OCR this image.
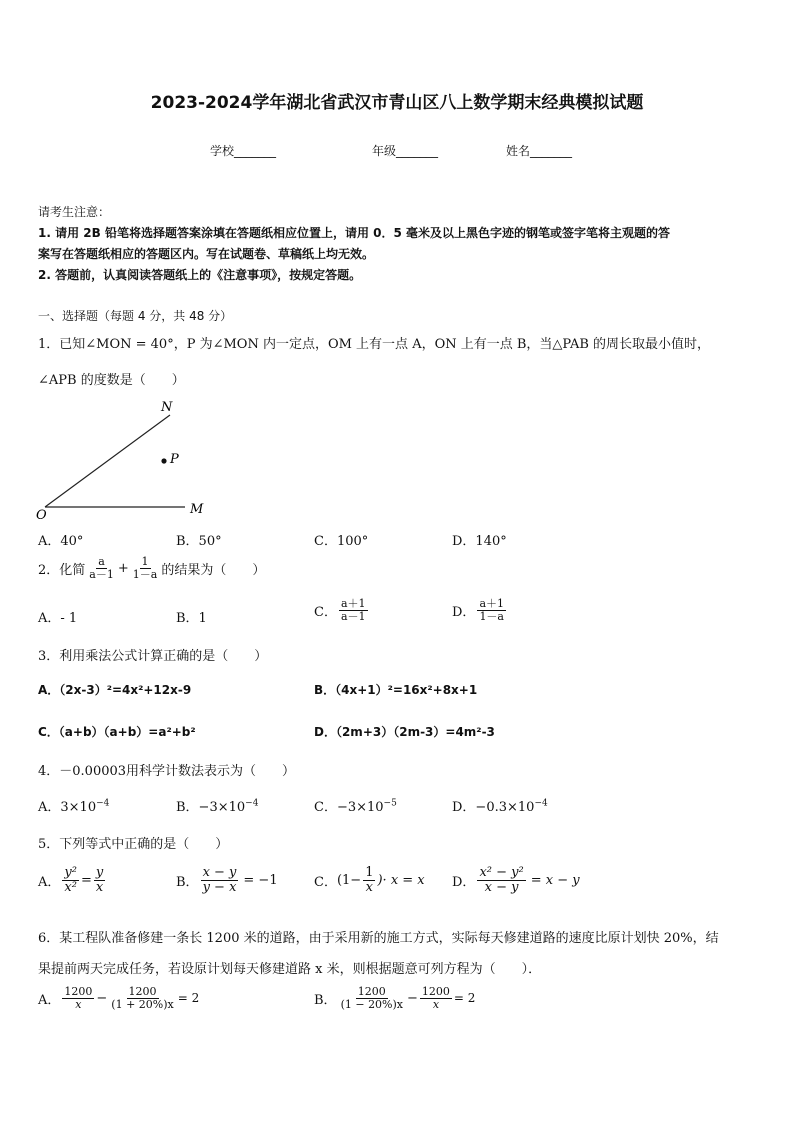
2023-2024学年湖北省武汉市青山区八上数学期末经典模拟试题
学校_______	年级_______	姓名_______
请考生注意：
1. 请用 2B 铅笔将选择题答案涂填在答题纸相应位置上，请用 0．5 毫米及以上黑色字迹的钢笔或签字笔将主观题的答
案写在答题纸相应的答题区内。写在试题卷、草稿纸上均无效。
2. 答题前，认真阅读答题纸上的《注意事项》，按规定答题。
一、选择题（每题 4 分，共 48 分）
1．已知∠MON = 40°，P 为∠MON 内一定点，OM 上有一点 A，ON 上有一点 B，当△PAB 的周长取最小值时，
∠APB 的度数是（　　）
N
P
O	M
A．40°	B．50°	C．100°	D．140°
2．化简 $\frac{a}{a-1} + \frac{1}{1-a}$ 的结果为（　　）
A．- 1	B．1	C． $\frac{a+1}{a-1}$	D． $\frac{a+1}{1-a}$
3．利用乘法公式计算正确的是（　　）
A．（2x-3）²=4x²+12x-9	B．（4x+1）²=16x²+8x+1
C．（a+b）（a+b）=a²+b²	D．（2m+3）（2m-3）=4m²-3
4．－0.00003用科学计数法表示为（　　）
A．$3\times 10^{-4}$	B．$-3\times 10^{-4}$	C．$-3\times 10^{-5}$	D．$-0.3\times 10^{-4}$
5．下列等式中正确的是（　　）
A． $\frac{\text{y²}}{\text{x²}} = \frac{y}{x}$	B． $\frac{x - y}{y - x} = -1$	C． ($1- \frac{1}{x}$ )· x = x D． $\frac{\text{x² − y²}}{x - y} = x - y$
6．某工程队准备修建一条长 1200 米的道路，由于采用新的施工方式，实际每天修建道路的速度比原计划快 20%，结
果提前两天完成任务，若设原计划每天修建道路 x 米，则根据题意可列方程为（　　）．
A． $\frac{1200}{x} - \frac{1200}{(1 + 20\%)x} = 2$	B． $\frac{1200}{(1 - 20\%)x} - \frac{1200}{x} = 2$
